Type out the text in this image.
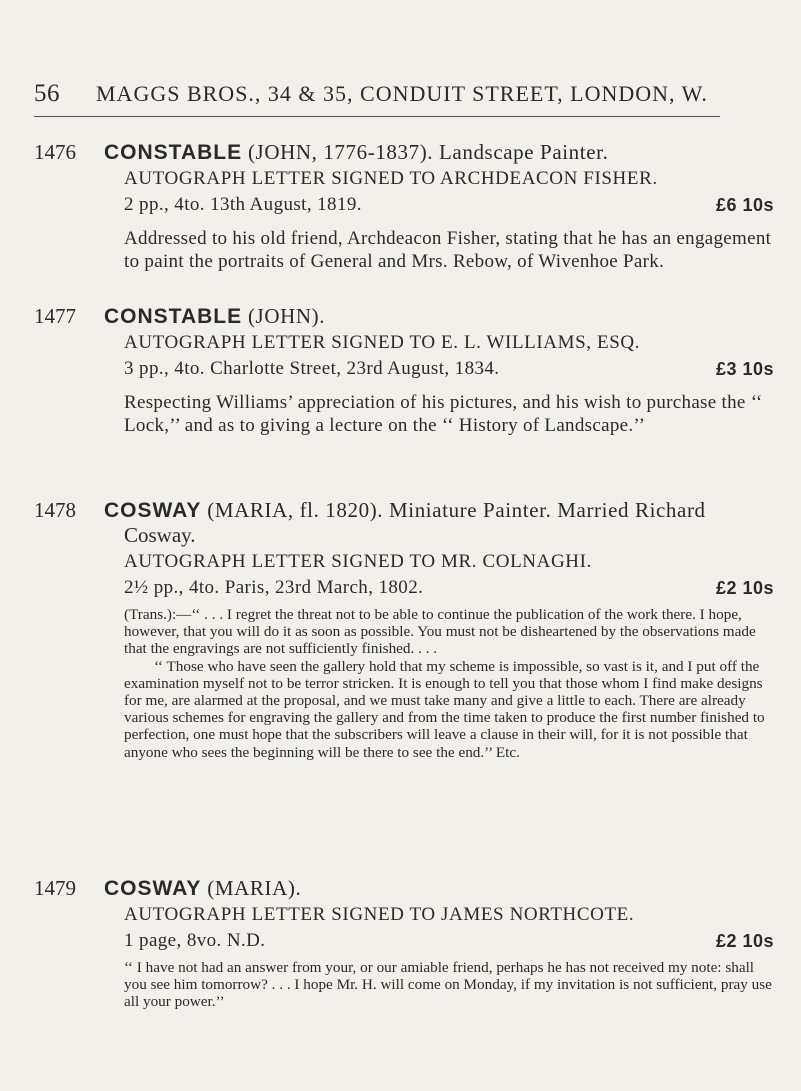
56	MAGGS BROS., 34 & 35, CONDUIT STREET, LONDON, W.
1476 CONSTABLE (JOHN, 1776-1837). Landscape Painter.
AUTOGRAPH LETTER SIGNED TO ARCHDEACON FISHER.
2 pp., 4to. 13th August, 1819.	£6 10s
Addressed to his old friend, Archdeacon Fisher, stating that he has an engagement to paint the portraits of General and Mrs. Rebow, of Wivenhoe Park.
1477 CONSTABLE (JOHN).
AUTOGRAPH LETTER SIGNED TO E. L. WILLIAMS, ESQ.
3 pp., 4to. Charlotte Street, 23rd August, 1834.	£3 10s
Respecting Williams’ appreciation of his pictures, and his wish to purchase the ‘‘ Lock,’’ and as to giving a lecture on the ‘‘ History of Landscape.’’
1478 COSWAY (MARIA, fl. 1820). Miniature Painter. Married Richard
Cosway.
AUTOGRAPH LETTER SIGNED TO MR. COLNAGHI.
2½ pp., 4to. Paris, 23rd March, 1802.	£2 10s
(Trans.):—‘‘ . . . I regret the threat not to be able to continue the publication of the work there. I hope, however, that you will do it as soon as possible. You must not be disheartened by the observations made that the engravings are not sufficiently finished. . . .
‘‘ Those who have seen the gallery hold that my scheme is impossible, so vast is it, and I put off the examination myself not to be terror stricken. It is enough to tell you that those whom I find make designs for me, are alarmed at the proposal, and we must take many and give a little to each. There are already various schemes for engraving the gallery and from the time taken to produce the first number finished to perfection, one must hope that the subscribers will leave a clause in their will, for it is not possible that anyone who sees the beginning will be there to see the end.’’ Etc.
1479 COSWAY (MARIA).
AUTOGRAPH LETTER SIGNED TO JAMES NORTHCOTE.
1 page, 8vo. N.D.	£2 10s
‘‘ I have not had an answer from your, or our amiable friend, perhaps he has not received my note: shall you see him tomorrow? . . . I hope Mr. H. will come on Monday, if my invitation is not sufficient, pray use all your power.’’
